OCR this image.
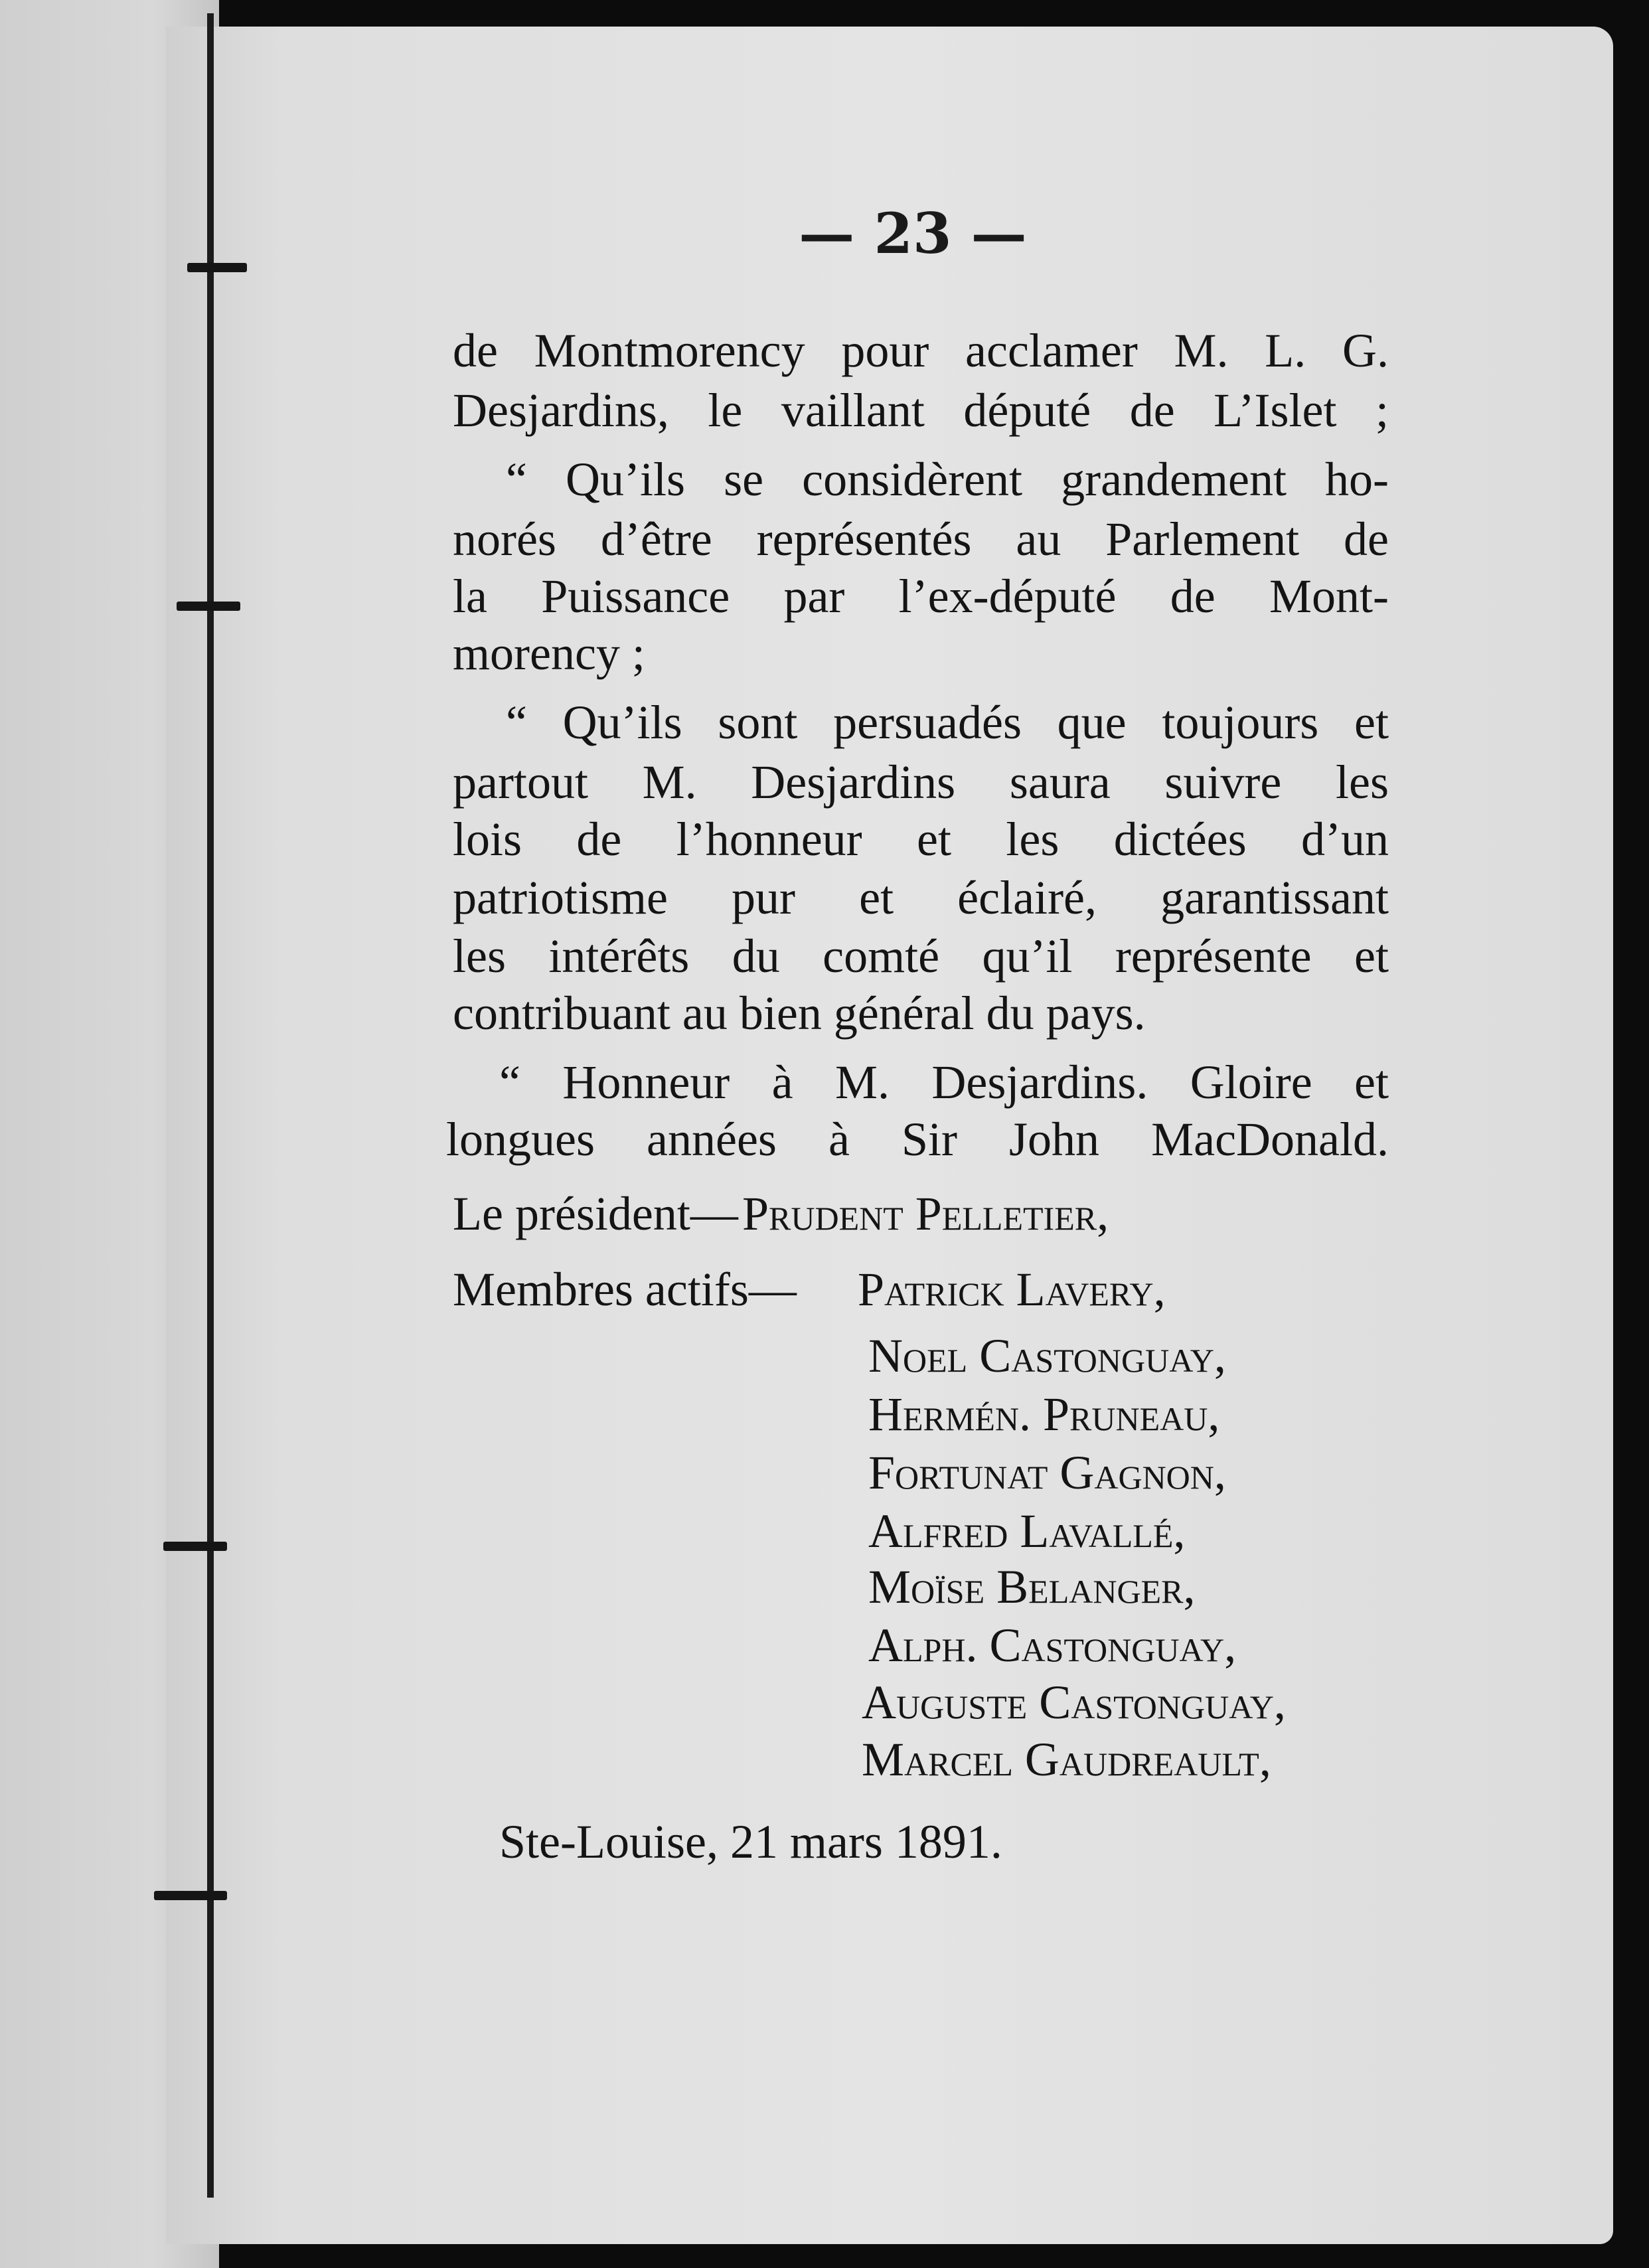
— 23 —
de Montmorency pour acclamer M. L. G.
Desjardins, le vaillant député de L’Islet ;
“ Qu’ils se considèrent grandement ho-
norés d’être représentés au Parlement de
la Puissance par l’ex-député de Mont-
morency ;
“ Qu’ils sont persuadés que toujours et
partout M. Desjardins saura suivre les
lois de l’honneur et les dictées d’un
patriotisme pur et éclairé, garantissant
les intérêts du comté qu’il représente et
contribuant au bien général du pays.
“ Honneur à M. Desjardins. Gloire et
longues années à Sir John MacDonald.
Le président— Prudent Pelletier,
Membres actifs— Patrick Lavery,
Noel Castonguay,
Hermén. Pruneau,
Fortunat Gagnon,
Alfred Lavallé,
Moïse Belanger,
Alph. Castonguay,
Auguste Castonguay,
Marcel Gaudreault,
Ste-Louise, 21 mars 1891.
